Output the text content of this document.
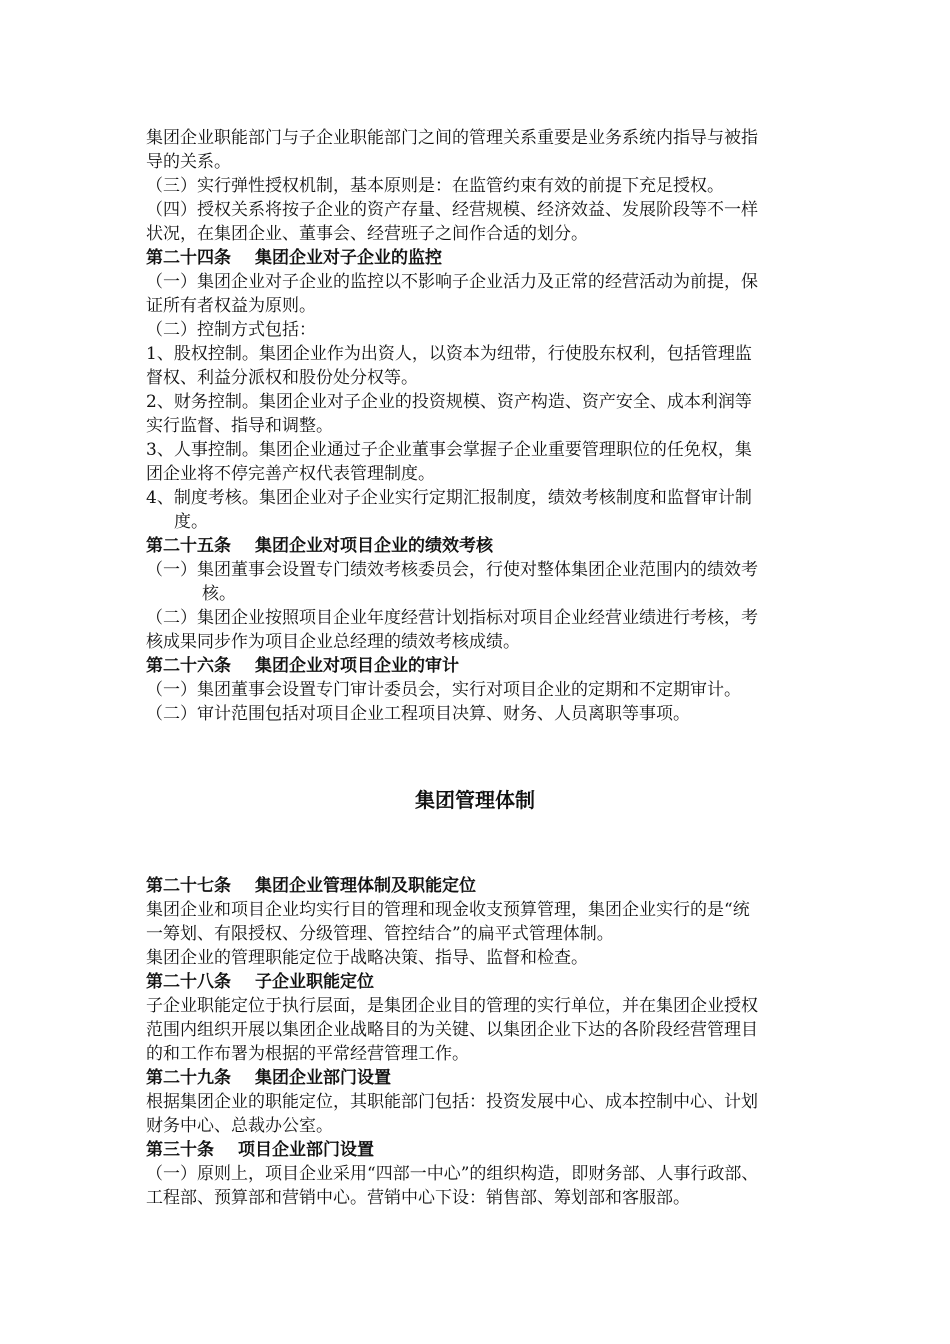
集团企业职能部门与子企业职能部门之间的管理关系重要是业务系统内指导与被指
导的关系。
（三）实行弹性授权机制，基本原则是：在监管约束有效的前提下充足授权。
（四）授权关系将按子企业的资产存量、经营规模、经济效益、发展阶段等不一样
状况，在集团企业、董事会、经营班子之间作合适的划分。
第二十四条 集团企业对子企业的监控
（一）集团企业对子企业的监控以不影响子企业活力及正常的经营活动为前提，保
证所有者权益为原则。
（二）控制方式包括：
1、股权控制。集团企业作为出资人，以资本为纽带，行使股东权利，包括管理监
督权、利益分派权和股份处分权等。
2、财务控制。集团企业对子企业的投资规模、资产构造、资产安全、成本利润等
实行监督、指导和调整。
3、人事控制。集团企业通过子企业董事会掌握子企业重要管理职位的任免权，集
团企业将不停完善产权代表管理制度。
4、制度考核。集团企业对子企业实行定期汇报制度，绩效考核制度和监督审计制
度。
第二十五条 集团企业对项目企业的绩效考核
（一）集团董事会设置专门绩效考核委员会，行使对整体集团企业范围内的绩效考
核。
（二）集团企业按照项目企业年度经营计划指标对项目企业经营业绩进行考核，考
核成果同步作为项目企业总经理的绩效考核成绩。
第二十六条 集团企业对项目企业的审计
（一）集团董事会设置专门审计委员会，实行对项目企业的定期和不定期审计。
（二）审计范围包括对项目企业工程项目决算、财务、人员离职等事项。
集团管理体制
第二十七条 集团企业管理体制及职能定位
集团企业和项目企业均实行目的管理和现金收支预算管理，集团企业实行的是“统
一筹划、有限授权、分级管理、管控结合”的扁平式管理体制。
集团企业的管理职能定位于战略决策、指导、监督和检查。
第二十八条 子企业职能定位
子企业职能定位于执行层面，是集团企业目的管理的实行单位，并在集团企业授权
范围内组织开展以集团企业战略目的为关键、以集团企业下达的各阶段经营管理目
的和工作布署为根据的平常经营管理工作。
第二十九条 集团企业部门设置
根据集团企业的职能定位，其职能部门包括：投资发展中心、成本控制中心、计划
财务中心、总裁办公室。
第三十条 项目企业部门设置
（一）原则上，项目企业采用“四部一中心”的组织构造，即财务部、人事行政部、
工程部、预算部和营销中心。营销中心下设：销售部、筹划部和客服部。
